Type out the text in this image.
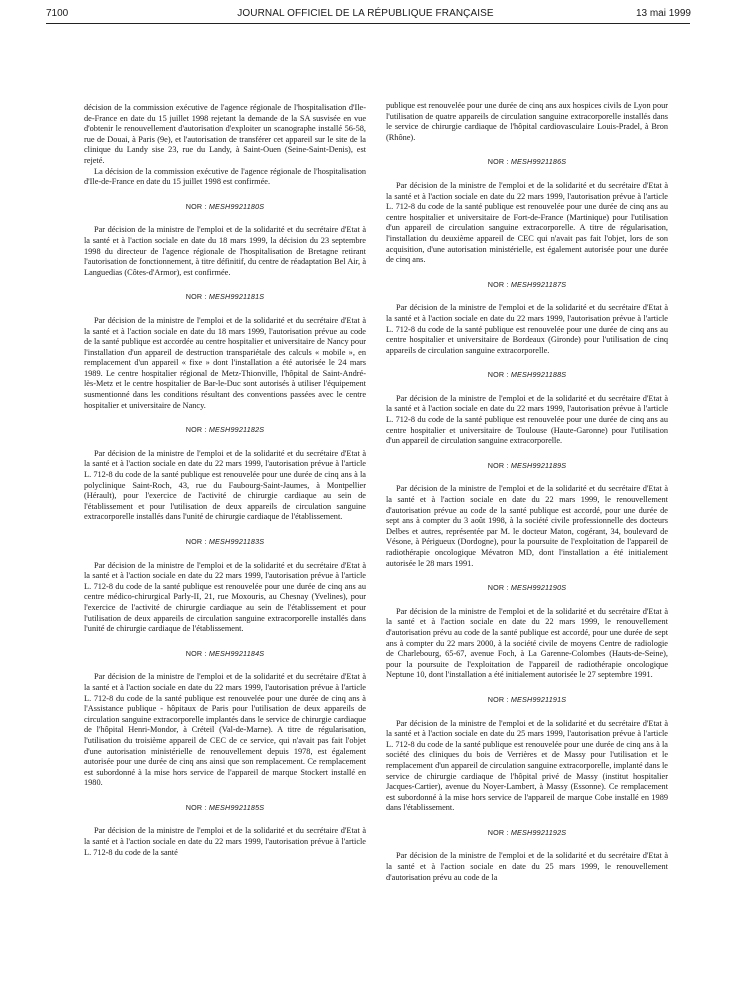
7100	JOURNAL OFFICIEL DE LA RÉPUBLIQUE FRANÇAISE	13 mai 1999

décision de la commission exécutive de l'agence régionale de l'hospitalisation d'Ile-de-France en date du 15 juillet 1998 rejetant la demande de la SA susvisée en vue d'obtenir le renouvellement d'autorisation d'exploiter un scanographe installé 56-58, rue de Douai, à Paris (9e), et l'autorisation de transférer cet appareil sur le site de la clinique du Landy sise 23, rue du Landy, à Saint-Ouen (Seine-Saint-Denis), est rejeté.

La décision de la commission exécutive de l'agence régionale de l'hospitalisation d'Ile-de-France en date du 15 juillet 1998 est confirmée.

NOR : MESH9921180S

Par décision de la ministre de l'emploi et de la solidarité et du secrétaire d'Etat à la santé et à l'action sociale en date du 18 mars 1999, la décision du 23 septembre 1998 du directeur de l'agence régionale de l'hospitalisation de Bretagne retirant l'autorisation de fonctionnement, à titre définitif, du centre de réadaptation Bel Air, à Languedias (Côtes-d'Armor), est confirmée.

NOR : MESH9921181S

Par décision de la ministre de l'emploi et de la solidarité et du secrétaire d'Etat à la santé et à l'action sociale en date du 18 mars 1999, l'autorisation prévue au code de la santé publique est accordée au centre hospitalier et universitaire de Nancy pour l'installation d'un appareil de destruction transpariétale des calculs « mobile », en remplacement d'un appareil « fixe » dont l'installation a été autorisée le 24 mars 1989. Le centre hospitalier régional de Metz-Thionville, l'hôpital de Saint-André-lès-Metz et le centre hospitalier de Bar-le-Duc sont autorisés à utiliser l'équipement susmentionné dans les conditions résultant des conventions passées avec le centre hospitalier et universitaire de Nancy.

NOR : MESH9921182S

Par décision de la ministre de l'emploi et de la solidarité et du secrétaire d'Etat à la santé et à l'action sociale en date du 22 mars 1999, l'autorisation prévue à l'article L. 712-8 du code de la santé publique est renouvelée pour une durée de cinq ans à la polyclinique Saint-Roch, 43, rue du Faubourg-Saint-Jaumes, à Montpellier (Hérault), pour l'exercice de l'activité de chirurgie cardiaque au sein de l'établissement et pour l'utilisation de deux appareils de circulation sanguine extracorporelle installés dans l'unité de chirurgie cardiaque de l'établissement.

NOR : MESH9921183S

Par décision de la ministre de l'emploi et de la solidarité et du secrétaire d'Etat à la santé et à l'action sociale en date du 22 mars 1999, l'autorisation prévue à l'article L. 712-8 du code de la santé publique est renouvelée pour une durée de cinq ans au centre médico-chirurgical Parly-II, 21, rue Moxouris, au Chesnay (Yvelines), pour l'exercice de l'activité de chirurgie cardiaque au sein de l'établissement et pour l'utilisation de deux appareils de circulation sanguine extracorporelle installés dans l'unité de chirurgie cardiaque de l'établissement.

NOR : MESH9921184S

Par décision de la ministre de l'emploi et de la solidarité et du secrétaire d'Etat à la santé et à l'action sociale en date du 22 mars 1999, l'autorisation prévue à l'article L. 712-8 du code de la santé publique est renouvelée pour une durée de cinq ans à l'Assistance publique - hôpitaux de Paris pour l'utilisation de deux appareils de circulation sanguine extracorporelle implantés dans le service de chirurgie cardiaque de l'hôpital Henri-Mondor, à Créteil (Val-de-Marne). A titre de régularisation, l'utilisation du troisième appareil de CEC de ce service, qui n'avait pas fait l'objet d'une autorisation ministérielle de renouvellement depuis 1978, est également autorisée pour une durée de cinq ans ainsi que son remplacement. Ce remplacement est subordonné à la mise hors service de l'appareil de marque Stockert installé en 1980.

NOR : MESH9921185S

Par décision de la ministre de l'emploi et de la solidarité et du secrétaire d'Etat à la santé et à l'action sociale en date du 22 mars 1999, l'autorisation prévue à l'article L. 712-8 du code de la santé

publique est renouvelée pour une durée de cinq ans aux hospices civils de Lyon pour l'utilisation de quatre appareils de circulation sanguine extracorporelle installés dans le service de chirurgie cardiaque de l'hôpital cardiovasculaire Louis-Pradel, à Bron (Rhône).

NOR : MESH9921186S

Par décision de la ministre de l'emploi et de la solidarité et du secrétaire d'Etat à la santé et à l'action sociale en date du 22 mars 1999, l'autorisation prévue à l'article L. 712-8 du code de la santé publique est renouvelée pour une durée de cinq ans au centre hospitalier et universitaire de Fort-de-France (Martinique) pour l'utilisation d'un appareil de circulation sanguine extracorporelle. A titre de régularisation, l'installation du deuxième appareil de CEC qui n'avait pas fait l'objet, lors de son acquisition, d'une autorisation ministérielle, est également autorisée pour une durée de cinq ans.

NOR : MESH9921187S

Par décision de la ministre de l'emploi et de la solidarité et du secrétaire d'Etat à la santé et à l'action sociale en date du 22 mars 1999, l'autorisation prévue à l'article L. 712-8 du code de la santé publique est renouvelée pour une durée de cinq ans au centre hospitalier et universitaire de Bordeaux (Gironde) pour l'utilisation de cinq appareils de circulation sanguine extracorporelle.

NOR : MESH9921188S

Par décision de la ministre de l'emploi et de la solidarité et du secrétaire d'Etat à la santé et à l'action sociale en date du 22 mars 1999, l'autorisation prévue à l'article L. 712-8 du code de la santé publique est renouvelée pour une durée de cinq ans au centre hospitalier et universitaire de Toulouse (Haute-Garonne) pour l'utilisation d'un appareil de circulation sanguine extracorporelle.

NOR : MESH9921189S

Par décision de la ministre de l'emploi et de la solidarité et du secrétaire d'Etat à la santé et à l'action sociale en date du 22 mars 1999, le renouvellement d'autorisation prévue au code de la santé publique est accordé, pour une durée de sept ans à compter du 3 août 1998, à la société civile professionnelle des docteurs Delbes et autres, représentée par M. le docteur Maton, cogérant, 34, boulevard de Vésone, à Périgueux (Dordogne), pour la poursuite de l'exploitation de l'appareil de radiothérapie oncologique Mévatron MD, dont l'installation a été initialement autorisée le 28 mars 1991.

NOR : MESH9921190S

Par décision de la ministre de l'emploi et de la solidarité et du secrétaire d'Etat à la santé et à l'action sociale en date du 22 mars 1999, le renouvellement d'autorisation prévu au code de la santé publique est accordé, pour une durée de sept ans à compter du 22 mars 2000, à la société civile de moyens Centre de radiologie de Charlebourg, 65-67, avenue Foch, à La Garenne-Colombes (Hauts-de-Seine), pour la poursuite de l'exploitation de l'appareil de radiothérapie oncologique Neptune 10, dont l'installation a été initialement autorisée le 27 septembre 1991.

NOR : MESH9921191S

Par décision de la ministre de l'emploi et de la solidarité et du secrétaire d'Etat à la santé et à l'action sociale en date du 25 mars 1999, l'autorisation prévue à l'article L. 712-8 du code de la santé publique est renouvelée pour une durée de cinq ans à la société des cliniques du bois de Verrières et de Massy pour l'utilisation et le remplacement d'un appareil de circulation sanguine extracorporelle, implanté dans le service de chirurgie cardiaque de l'hôpital privé de Massy (institut hospitalier Jacques-Cartier), avenue du Noyer-Lambert, à Massy (Essonne). Ce remplacement est subordonné à la mise hors service de l'appareil de marque Cobe installé en 1989 dans l'établissement.

NOR : MESH9921192S

Par décision de la ministre de l'emploi et de la solidarité et du secrétaire d'Etat à la santé et à l'action sociale en date du 25 mars 1999, le renouvellement d'autorisation prévu au code de la
